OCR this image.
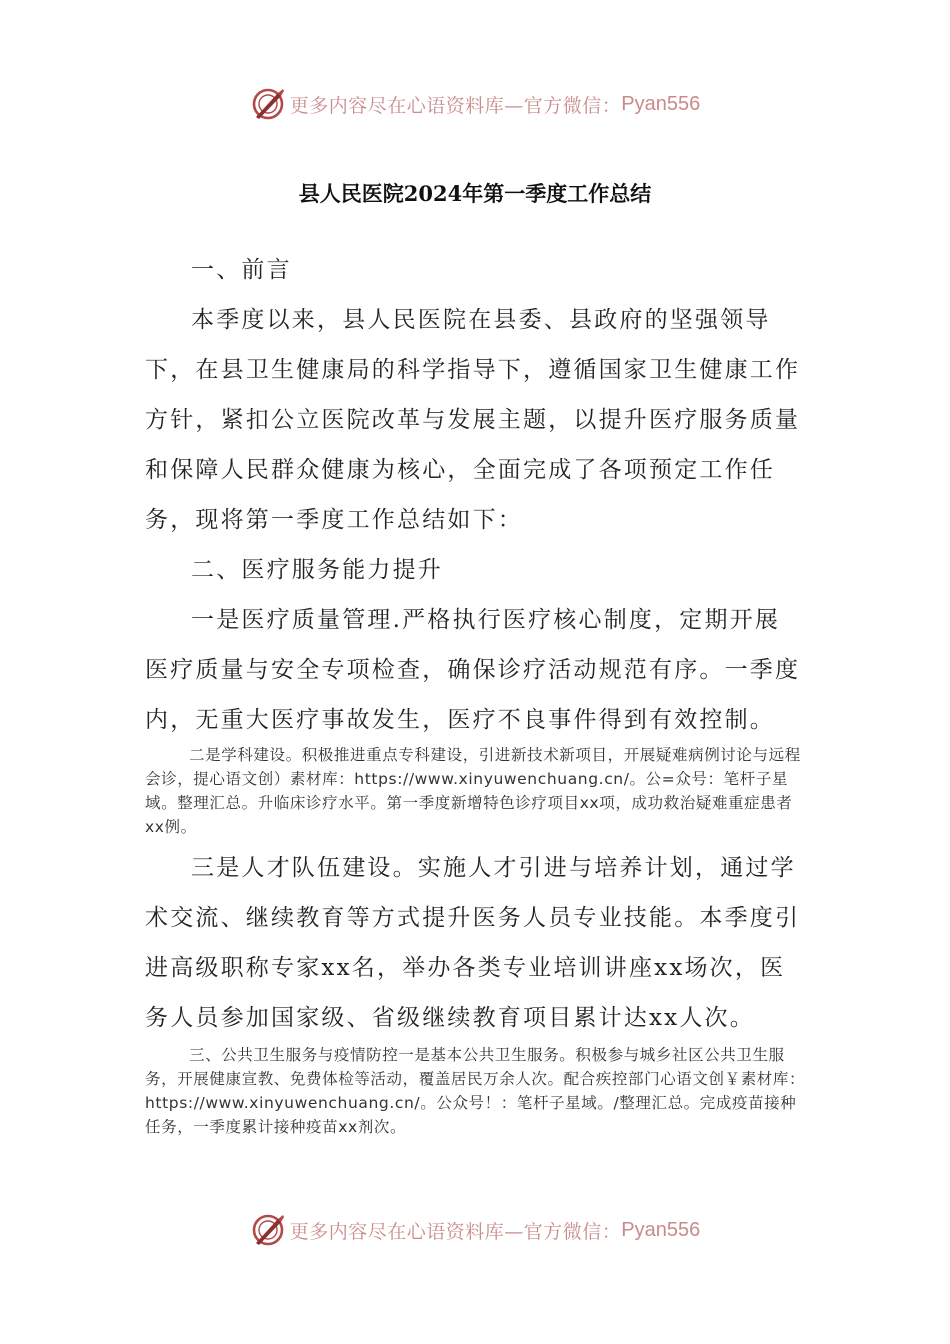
更多内容尽在心语资料库—官方微信： Pyan556
县人民医院2024年第一季度工作总结

一、前言

本季度以来，县人民医院在县委、县政府的坚强领导下，在县卫生健康局的科学指导下，遵循国家卫生健康工作方针，紧扣公立医院改革与发展主题，以提升医疗服务质量和保障人民群众健康为核心，全面完成了各项预定工作任务，现将第一季度工作总结如下：

二、医疗服务能力提升

一是医疗质量管理.严格执行医疗核心制度，定期开展医疗质量与安全专项检查，确保诊疗活动规范有序。一季度内，无重大医疗事故发生，医疗不良事件得到有效控制。

二是学科建设。积极推进重点专科建设，引进新技术新项目，开展疑难病例讨论与远程会诊，提心语文创）素材库：https://www.xinyuwenchuang.cn/。公=众号：笔杆子星域。整理汇总。升临床诊疗水平。第一季度新增特色诊疗项目xx项，成功救治疑难重症患者xx例。

三是人才队伍建设。实施人才引进与培养计划，通过学术交流、继续教育等方式提升医务人员专业技能。本季度引进高级职称专家xx名，举办各类专业培训讲座xx场次，医务人员参加国家级、省级继续教育项目累计达xx人次。

三、公共卫生服务与疫情防控一是基本公共卫生服务。积极参与城乡社区公共卫生服务，开展健康宣教、免费体检等活动，覆盖居民万余人次。配合疾控部门心语文创￥素材库：https://www.xinyuwenchuang.cn/。公众号！：笔杆子星域。/整理汇总。完成疫苗接种任务，一季度累计接种疫苗xx剂次。

更多内容尽在心语资料库—官方微信： Pyan556
